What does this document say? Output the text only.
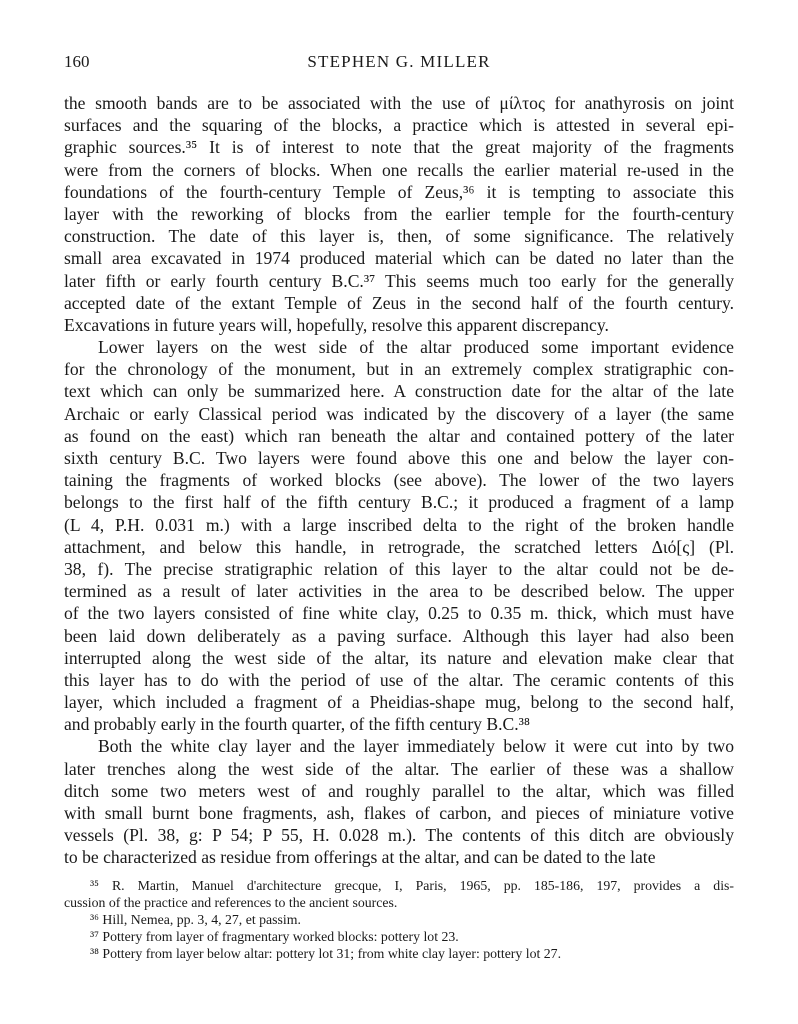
160	STEPHEN G. MILLER
the smooth bands are to be associated with the use of μίλτος for anathyrosis on joint
surfaces and the squaring of the blocks, a practice which is attested in several epi-
graphic sources.³⁵ It is of interest to note that the great majority of the fragments
were from the corners of blocks. When one recalls the earlier material re-used in the
foundations of the fourth-century Temple of Zeus,³⁶ it is tempting to associate this
layer with the reworking of blocks from the earlier temple for the fourth-century
construction. The date of this layer is, then, of some significance. The relatively
small area excavated in 1974 produced material which can be dated no later than the
later fifth or early fourth century B.C.³⁷ This seems much too early for the generally
accepted date of the extant Temple of Zeus in the second half of the fourth century.
Excavations in future years will, hopefully, resolve this apparent discrepancy.
Lower layers on the west side of the altar produced some important evidence
for the chronology of the monument, but in an extremely complex stratigraphic con-
text which can only be summarized here. A construction date for the altar of the late
Archaic or early Classical period was indicated by the discovery of a layer (the same
as found on the east) which ran beneath the altar and contained pottery of the later
sixth century B.C. Two layers were found above this one and below the layer con-
taining the fragments of worked blocks (see above). The lower of the two layers
belongs to the first half of the fifth century B.C.; it produced a fragment of a lamp
(L 4, P.H. 0.031 m.) with a large inscribed delta to the right of the broken handle
attachment, and below this handle, in retrograde, the scratched letters Διό[ς] (Pl.
38, f). The precise stratigraphic relation of this layer to the altar could not be de-
termined as a result of later activities in the area to be described below. The upper
of the two layers consisted of fine white clay, 0.25 to 0.35 m. thick, which must have
been laid down deliberately as a paving surface. Although this layer had also been
interrupted along the west side of the altar, its nature and elevation make clear that
this layer has to do with the period of use of the altar. The ceramic contents of this
layer, which included a fragment of a Pheidias-shape mug, belong to the second half,
and probably early in the fourth quarter, of the fifth century B.C.³⁸
Both the white clay layer and the layer immediately below it were cut into by two
later trenches along the west side of the altar. The earlier of these was a shallow
ditch some two meters west of and roughly parallel to the altar, which was filled
with small burnt bone fragments, ash, flakes of carbon, and pieces of miniature votive
vessels (Pl. 38, g: P 54; P 55, H. 0.028 m.). The contents of this ditch are obviously
to be characterized as residue from offerings at the altar, and can be dated to the late
³⁵ R. Martin, Manuel d'architecture grecque, I, Paris, 1965, pp. 185-186, 197, provides a dis-
cussion of the practice and references to the ancient sources.
³⁶ Hill, Nemea, pp. 3, 4, 27, et passim.
³⁷ Pottery from layer of fragmentary worked blocks: pottery lot 23.
³⁸ Pottery from layer below altar: pottery lot 31; from white clay layer: pottery lot 27.
